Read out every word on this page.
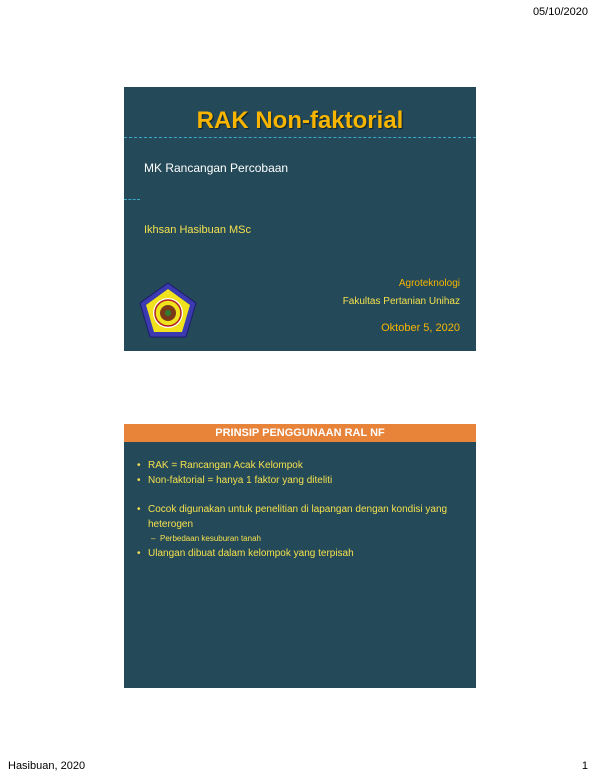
05/10/2020
RAK Non-faktorial
MK Rancangan Percobaan
Ikhsan Hasibuan MSc
Agroteknologi
Fakultas Pertanian Unihaz
Oktober 5, 2020
PRINSIP PENGGUNAAN RAL NF
• RAK = Rancangan Acak Kelompok
• Non-faktorial = hanya 1 faktor yang diteliti
• Cocok digunakan untuk penelitian di lapangan dengan kondisi yang heterogen
– Perbedaan kesuburan tanah
• Ulangan dibuat dalam kelompok yang terpisah
Hasibuan, 2020	1
